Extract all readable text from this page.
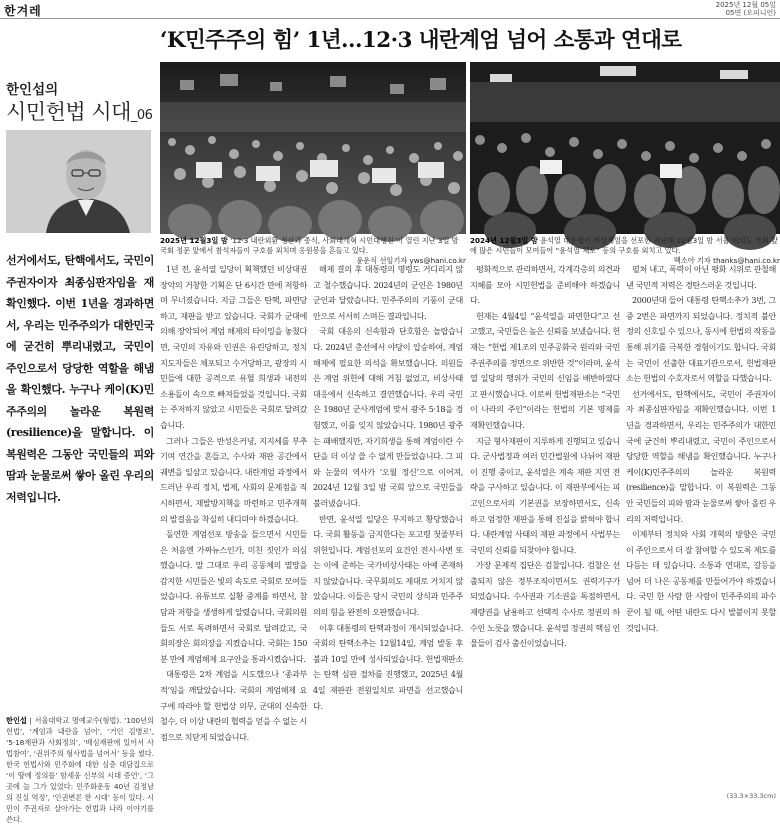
한겨레	2025년 12월 05일
05면 (오피니언)
‘K민주주의 힘’ 1년…12·3 내란계엄 넘어 소통과 연대로
한인섭의
시민헌법 시대_06
선거에서도, 탄핵에서도, 국민이 주권자이자 최종심판자임을 재확인했다. 이번 1년을 경과하면서, 우리는 민주주의가 대한민국에 굳건히 뿌리내렸고, 국민이 주인으로서 당당한 역할을 해냄을 확인했다. 누구나 케이(K)민주주의의 놀라운 복원력(resilience)을 말합니다. 이 복원력은 그동안 국민들의 피와 땀과 눈물로써 쌓아 올린 우리의 저력입니다.
2025년 12월3일 밤 ‘12·3 내란외환 청산과 종식, 사회대개혁 시민대행진’이 열린 지난 3일 밤 국회 정문 앞에서 참석자들이 구호를 외치며 응원봉을 흔들고 있다.
윤운식 선임기자 yws@hani.co.kr
2024년 12월3일 밤 윤석열 대통령이 비상계엄을 선포한 지난해 12월3일 밤 서울 여의도 국회 앞에 많은 시민들이 모여들어 “윤석열 체포” 등의 구호를 외치고 있다.
백소아 기자 thanks@hani.co.kr

1년 전, 윤석열 일당이 획책했던 비상대권 장악의 거창한 기획은 단 6시간 만에 저항하며 무너졌습니다. 지금 그들은 탄핵, 파면당하고, 재판을 받고 있습니다. 국회가 군대에 의해 장악되어 계엄 해제의 타이밍을 놓쳤다면, 국민의 자유와 인권은 유린당하고, 정치지도자들은 체포되고 수거당하고, 광장의 시민들에 대한 공격으로 유혈 희생과 내전의 소용돌이 속으로 빠져들었을 것입니다. 국회는 주저하지 않았고 시민들은 국회로 달려갔습니다.

그러나 그들은 반성은커녕, 지지세를 부추기며 연간을 흔들고, 수사와 재판 공간에서 궤변을 일삼고 있습니다. 내란계엄 과정에서 드러난 우리 정치, 법제, 사회의 문제점을 직시하면서, 재발방지책을 마련하고 민주개혁의 발걸음을 착실히 내디뎌야 하겠습니다.

돌연한 계엄선포 방송을 들으면서 시민들은 처음엔 가짜뉴스인가, 미친 짓인가 의심했습니다. 말 그대로 우리 공동체의 멸망을 감지한 시민들은 빛의 속도로 국회로 모여들었습니다. 유튜브로 실황 중계를 하면서, 참담과 저항을 생생하게 알렸습니다. 국회의원들도 서로 독려하면서 국회로 달려갔고, 국회의장은 회의장을 지켰습니다. 국회는 150분 만에 계엄해제 요구안을 통과시켰습니다.

대통령은 2차 계엄을 시도했으나 ‘종과부적’임을 깨달았습니다. 국회의 계엄해제 요구에 따라야 할 헌법상 의무, 군대의 신속한 철수, 더 이상 내란의 협력을 얻을 수 없는 시점으로 치닫게 되었습니다.

해제 결의 후 대통령의 명령도 거디리지 않고 철수했습니다. 2024년의 군인은 1980년 군인과 달랐습니다. 민주주의의 기풍이 군대 안으로 서서히 스며든 결과입니다.

국회 대응의 신속함과 단호함은 놀랍습니다. 2024년 총선에서 야당이 압승하여, 계엄 해제에 필요한 의석을 확보했습니다. 의원들은 계엄 위헌에 대해 거침 없었고, 비상사태 대응에서 신속하고 결연했습니다. 우리 국민은 1980년 군사계엄에 맞서 광주 5·18을 경험했고, 이를 잊지 않았습니다. 1980년 광주는 패배했지만, 자기희생을 통해 계엄이란 수단을 더 이상 쓸 수 없게 만들었습니다. 그 피와 눈물의 역사가 ‘오월 정신’으로 이어져, 2024년 12월 3일 밤 국회 앞으로 국민들을 불러냈습니다.

반면, 윤석열 일당은 무지하고 황당했습니다. 국회 활동을 금지한다는 포고령 첫줄부터 위헌입니다. 계엄선포의 요건인 전시·사변 또는 이에 준하는 국가비상사태는 아예 존재하지 않았습니다. 국무회의도 제대로 거치지 않았습니다. 이들은 당시 국민의 상식과 민주주의의 힘을 완전히 오판했습니다.

이후 대통령의 탄핵과정이 개시되었습니다. 국회의 탄핵소추는 12월14일, 계엄 발동 후 불과 10일 만에 성사되었습니다. 헌법재판소는 탄핵 심판 절차를 진행했고, 2025년 4월 4일 재판관 전원일치로 파면을 선고했습니다.

평화적으로 관리하면서, 각계각층의 의견과 지혜를 모아 시민헌법을 준비해야 하겠습니다.

헌재는 4월4일 “윤석열을 파면한다”고 선고했고, 국민들은 높은 신뢰를 보냈습니다. 헌재는 “헌법 제1조의 민주공화국 원리와 국민주권주의를 정면으로 위반한 것”이라며, 윤석열 일당의 행위가 국민의 신임을 배반하였다고 판시했습니다. 이로써 헌법재판소는 “국민이 나라의 주인”이라는 헌법의 기본 명제를 재확인했습니다.

지금 형사재판이 지루하게 진행되고 있습니다. 군사법정과 여러 민간법원에 나뉘어 재판이 진행 중이고, 윤석열은 계속 재판 지연 전략을 구사하고 있습니다. 이 재판부에서는 피고인으로서의 기본권을 보장하면서도, 신속하고 엄정한 재판을 통해 진실을 밝혀야 합니다. 내란계엄 사태의 재판 과정에서 사법부는 국민의 신뢰를 되찾아야 합니다.

가장 문제적 집단은 검찰입니다. 검찰은 선출되지 않은 정부조직이면서도 권력기구가 되었습니다. 수사권과 기소권을 독점하면서, 재량권을 남용하고 선택적 수사로 정권의 하수인 노릇을 했습니다. 윤석열 정권의 핵심 인물들이 검사 출신이었습니다.

펼쳐 내고, 폭력이 아닌 평화 시위로 관철해 낸 국민적 저력은 경탄스러운 것입니다.

2000년대 들어 대통령 탄핵소추가 3번, 그 중 2번은 파면까지 되었습니다. 정치적 불안정의 신호일 수 있으나, 동시에 헌법의 작동을 통해 위기를 극복한 경험이기도 합니다. 국회는 국민이 선출한 대표기관으로서, 헌법재판소는 헌법의 수호자로서 역할을 다했습니다.

선거에서도, 탄핵에서도, 국민이 주권자이자 최종심판자임을 재확인했습니다. 이번 1년을 경과하면서, 우리는 민주주의가 대한민국에 굳건히 뿌리내렸고, 국민이 주인으로서 당당한 역할을 해냄을 확인했습니다. 누구나 케이(K)민주주의의 놀라운 복원력(resilience)을 말합니다. 이 복원력은 그동안 국민들의 피와 땀과 눈물로써 쌓아 올린 우리의 저력입니다.

이제부터 정치와 사회 개혁의 방향은 국민이 주인으로서 더 잘 참여할 수 있도록 제도를 다듬는 데 있습니다. 소통과 연대로, 갈등을 넘어 더 나은 공동체를 만들어가야 하겠습니다. 국민 한 사람 한 사람이 민주주의의 파수꾼이 될 때, 어떤 내란도 다시 발붙이지 못할 것입니다.

한인섭 | 서울대학교 명예교수(형법). ‘100년의 헌법’, ‘계엄과 내란을 넘어’, ‘거인 김병로’, ‘5·18재판과 사회정의’, ‘배심재판에 있어서 사법참여’, ‘권위주의 형사법을 넘어서’ 등을 썼다. 한국 헌법사와 민주화에 대한 심층 대담집으로 ‘이 땅에 정의를’ 함세웅 신부의 시대 증언’, ‘그곳에 늘 그가 있었다: 민주화운동 40년 김정남의 진실 역정’, ‘인권변론 한 시대’ 등이 있다. 시민이 주권자로 살아가는 헌법과 나라 이야기를 쓴다.
(33.3×33.3cm)
